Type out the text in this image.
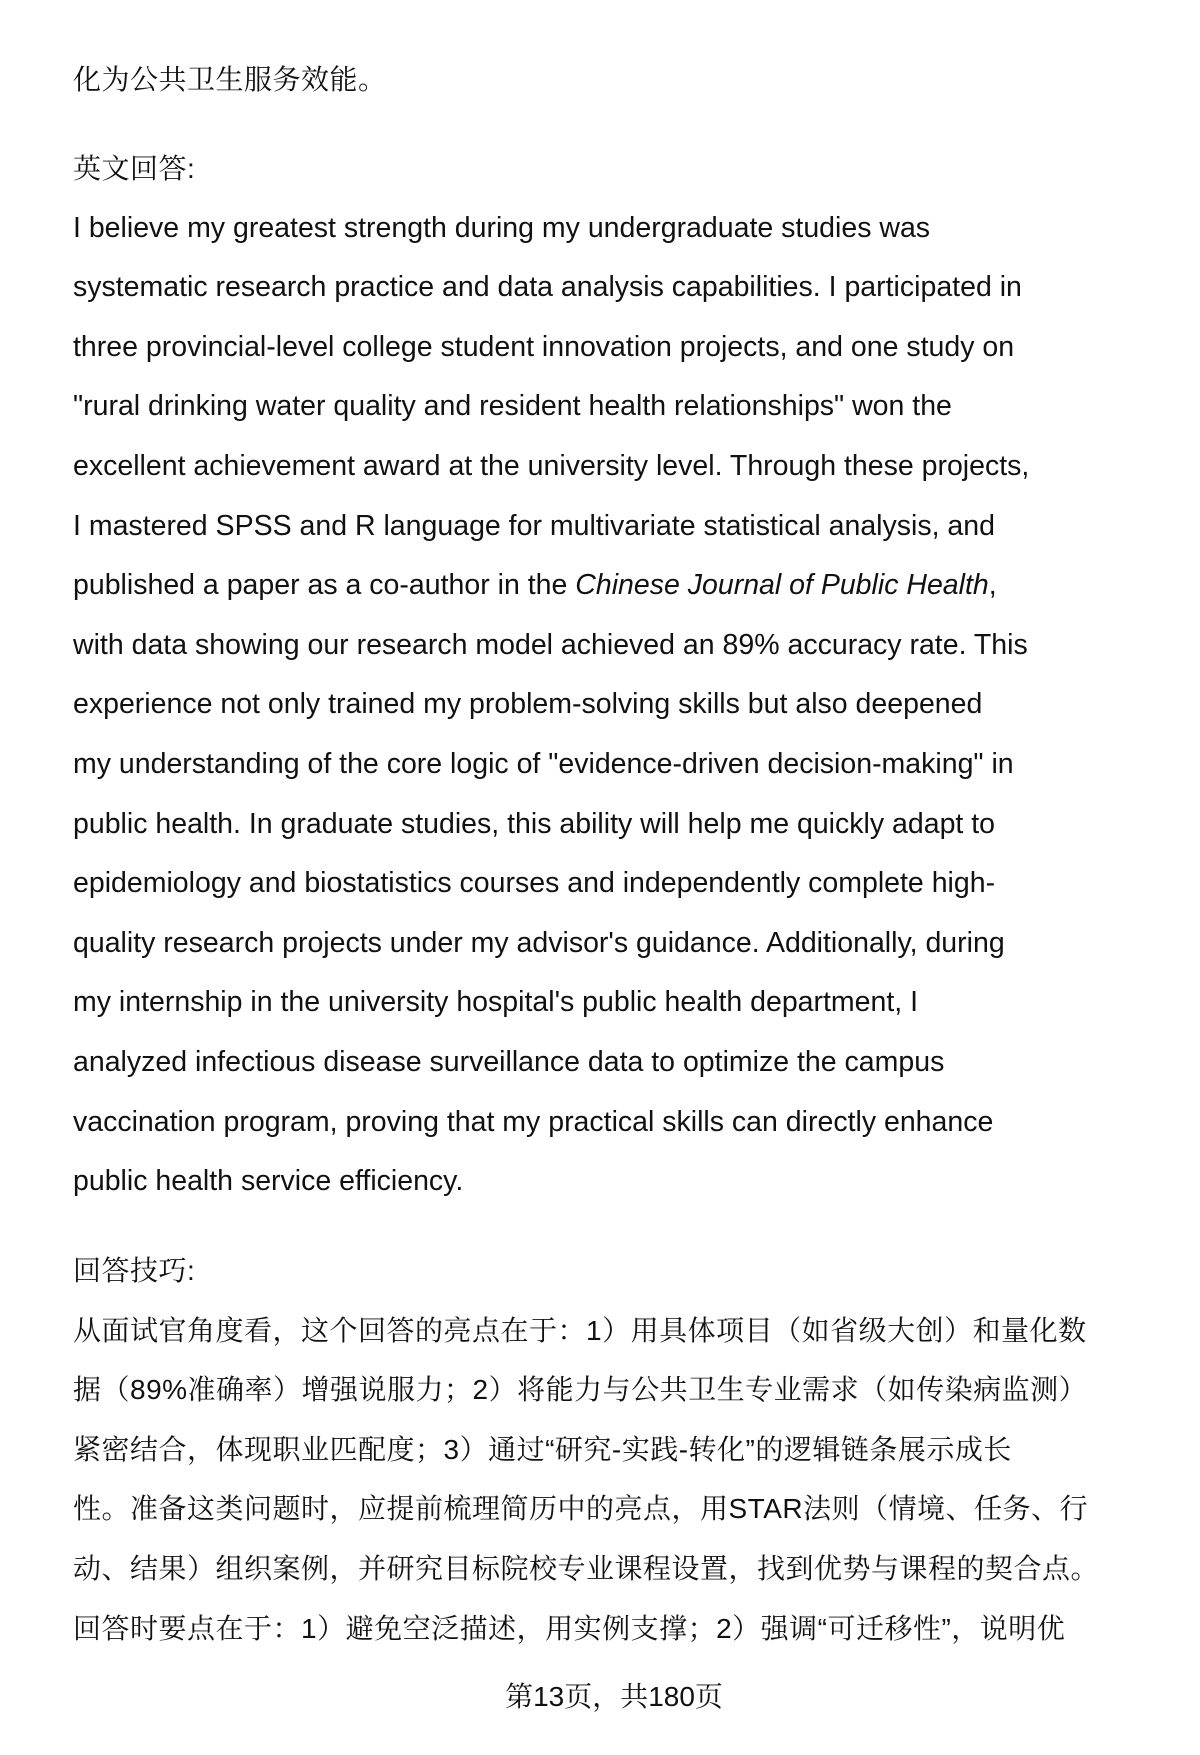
化为公共卫生服务效能。
英文回答:
I believe my greatest strength during my undergraduate studies was
systematic research practice and data analysis capabilities. I participated in
three provincial-level college student innovation projects, and one study on
"rural drinking water quality and resident health relationships" won the
excellent achievement award at the university level. Through these projects,
I mastered SPSS and R language for multivariate statistical analysis, and
published a paper as a co-author in the Chinese Journal of Public Health,
with data showing our research model achieved an 89% accuracy rate. This
experience not only trained my problem-solving skills but also deepened
my understanding of the core logic of "evidence-driven decision-making" in
public health. In graduate studies, this ability will help me quickly adapt to
epidemiology and biostatistics courses and independently complete high-
quality research projects under my advisor's guidance. Additionally, during
my internship in the university hospital's public health department, I
analyzed infectious disease surveillance data to optimize the campus
vaccination program, proving that my practical skills can directly enhance
public health service efficiency.
回答技巧:
从面试官角度看，这个回答的亮点在于：1）用具体项目（如省级大创）和量化数
据（89%准确率）增强说服力；2）将能力与公共卫生专业需求（如传染病监测）
紧密结合，体现职业匹配度；3）通过“研究-实践-转化”的逻辑链条展示成长
性。准备这类问题时，应提前梳理简历中的亮点，用STAR法则（情境、任务、行
动、结果）组织案例，并研究目标院校专业课程设置，找到优势与课程的契合点。
回答时要点在于：1）避免空泛描述，用实例支撑；2）强调“可迁移性”，说明优
第13页，共180页
